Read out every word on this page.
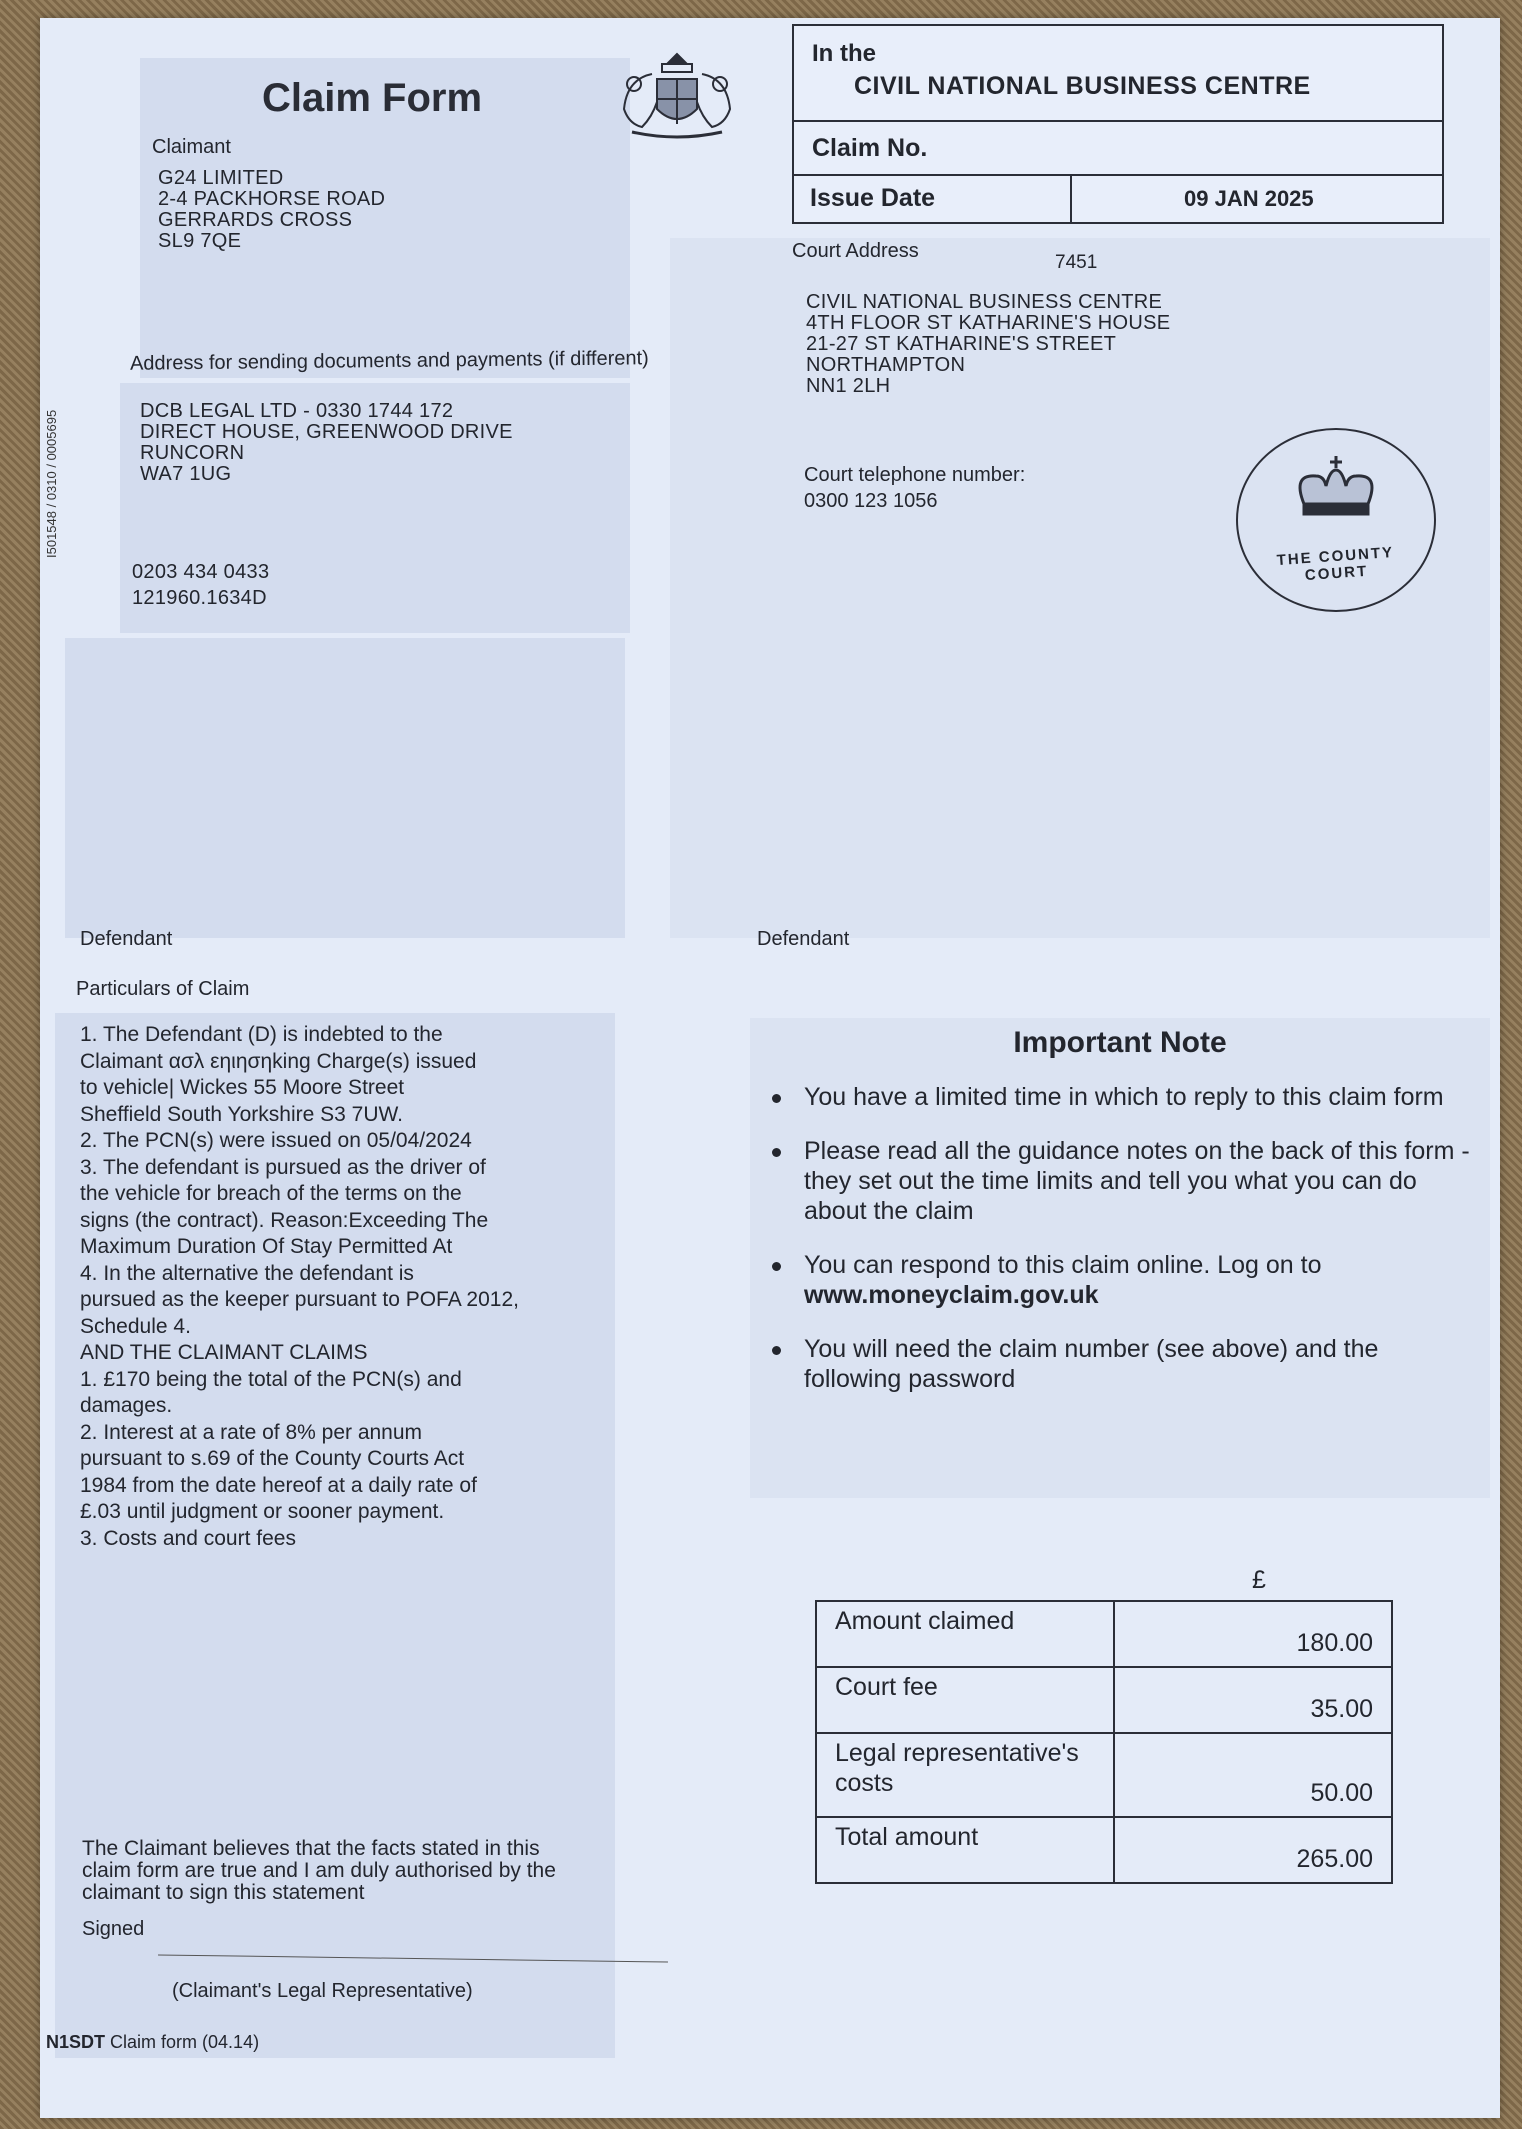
Claim Form
Claimant
G24 LIMITED
2-4 PACKHORSE ROAD
GERRARDS CROSS
SL9 7QE
Address for sending documents and payments (if different)
DCB LEGAL LTD - 0330 1744 172
DIRECT HOUSE, GREENWOOD DRIVE
RUNCORN
WA7 1UG
0203 434 0433
121960.1634D
I501548 / 0310 / 0005695
In the
CIVIL NATIONAL BUSINESS CENTRE
Claim No.
Issue Date	09 JAN 2025
Court Address
7451
CIVIL NATIONAL BUSINESS CENTRE
4TH FLOOR ST KATHARINE'S HOUSE
21-27 ST KATHARINE'S STREET
NORTHAMPTON
NN1 2LH
Court telephone number:
0300 123 1056
THE COUNTY COURT
Defendant	Defendant
Particulars of Claim
1. The Defendant (D) is indebted to the
Claimant ασλ εηιησηking Charge(s) issued
to vehicle| Wickes 55 Moore Street
Sheffield South Yorkshire S3 7UW.
2. The PCN(s) were issued on 05/04/2024
3. The defendant is pursued as the driver of
the vehicle for breach of the terms on the
signs (the contract). Reason:Exceeding The
Maximum Duration Of Stay Permitted At
4. In the alternative the defendant is
pursued as the keeper pursuant to POFA 2012,
Schedule 4.
AND THE CLAIMANT CLAIMS
1. £170 being the total of the PCN(s) and
damages.
2. Interest at a rate of 8% per annum
pursuant to s.69 of the County Courts Act
1984 from the date hereof at a daily rate of
£.03 until judgment or sooner payment.
3. Costs and court fees
Important Note
You have a limited time in which to reply to this claim form
Please read all the guidance notes on the back of this form - they set out the time limits and tell you what you can do about the claim
You can respond to this claim online. Log on to
www.moneyclaim.gov.uk
You will need the claim number (see above) and the following password
£
Amount claimed	180.00
Court fee	35.00
Legal representative's costs	50.00
Total amount	265.00
The Claimant believes that the facts stated in this claim form are true and I am duly authorised by the claimant to sign this statement
Signed
(Claimant's Legal Representative)
N1SDT Claim form (04.14)
